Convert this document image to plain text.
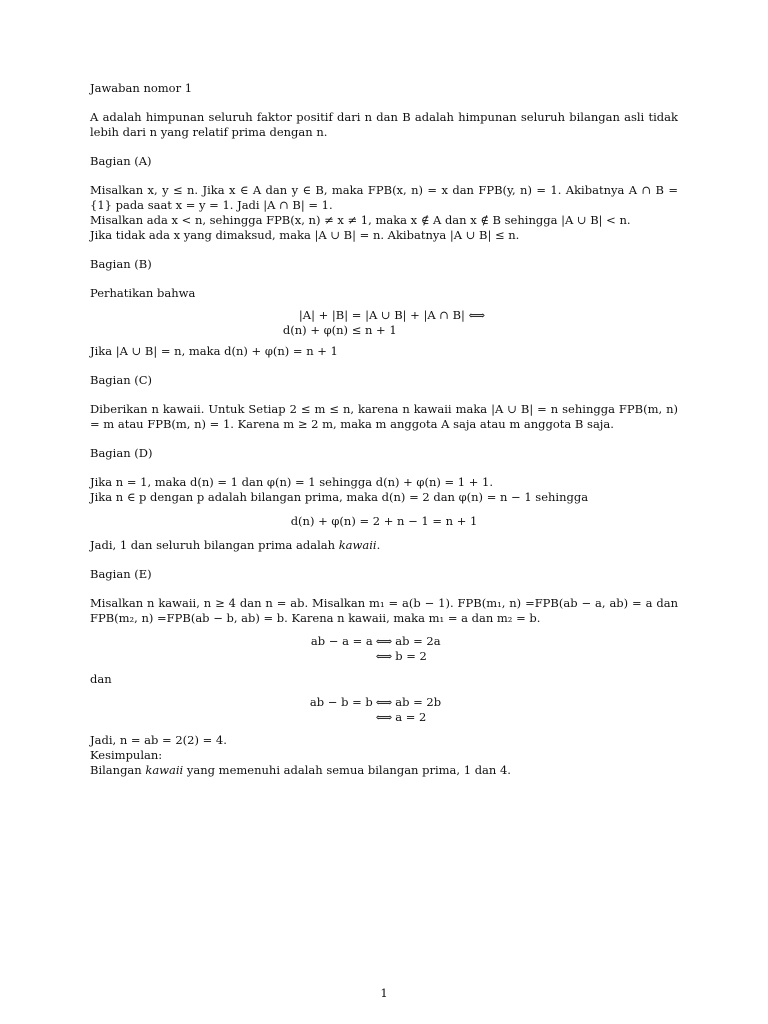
Jawaban nomor 1

A adalah himpunan seluruh faktor positif dari n dan B adalah himpunan seluruh bilangan asli tidak lebih dari n yang relatif prima dengan n.

Bagian (A)

Misalkan x, y ≤ n. Jika x ∈ A dan y ∈ B, maka FPB(x, n) = x dan FPB(y, n) = 1. Akibatnya A ∩ B = {1} pada saat x = y = 1. Jadi |A ∩ B| = 1.

Misalkan ada x < n, sehingga FPB(x, n) ≠ x ≠ 1, maka x ∉ A dan x ∉ B sehingga |A ∪ B| < n.

Jika tidak ada x yang dimaksud, maka |A ∪ B| = n. Akibatnya |A ∪ B| ≤ n.

Bagian (B)

Perhatikan bahwa

|A| + |B| = |A ∪ B| + |A ∩ B| ⟺
d(n) + φ(n) ≤ n + 1

Jika |A ∪ B| = n, maka d(n) + φ(n) = n + 1

Bagian (C)

Diberikan n kawaii. Untuk Setiap 2 ≤ m ≤ n, karena n kawaii maka |A ∪ B| = n sehingga FPB(m, n) = m atau FPB(m, n) = 1. Karena m ≥ 2 m, maka m anggota A saja atau m anggota B saja.

Bagian (D)

Jika n = 1, maka d(n) = 1 dan φ(n) = 1 sehingga d(n) + φ(n) = 1 + 1.

Jika n ∈ p dengan p adalah bilangan prima, maka d(n) = 2 dan φ(n) = n − 1 sehingga

d(n) + φ(n) = 2 + n − 1 = n + 1

Jadi, 1 dan seluruh bilangan prima adalah kawaii.

Bagian (E)

Misalkan n kawaii, n ≥ 4 dan n = ab. Misalkan m₁ = a(b − 1). FPB(m₁, n) =FPB(ab − a, ab) = a dan FPB(m₂, n) =FPB(ab − b, ab) = b. Karena n kawaii, maka m₁ = a dan m₂ = b.

ab − a = a ⟺ ab = 2a
⟺ b = 2

dan

ab − b = b ⟺ ab = 2b
⟺ a = 2

Jadi, n = ab = 2(2) = 4.

Kesimpulan:

Bilangan kawaii yang memenuhi adalah semua bilangan prima, 1 dan 4.

1
